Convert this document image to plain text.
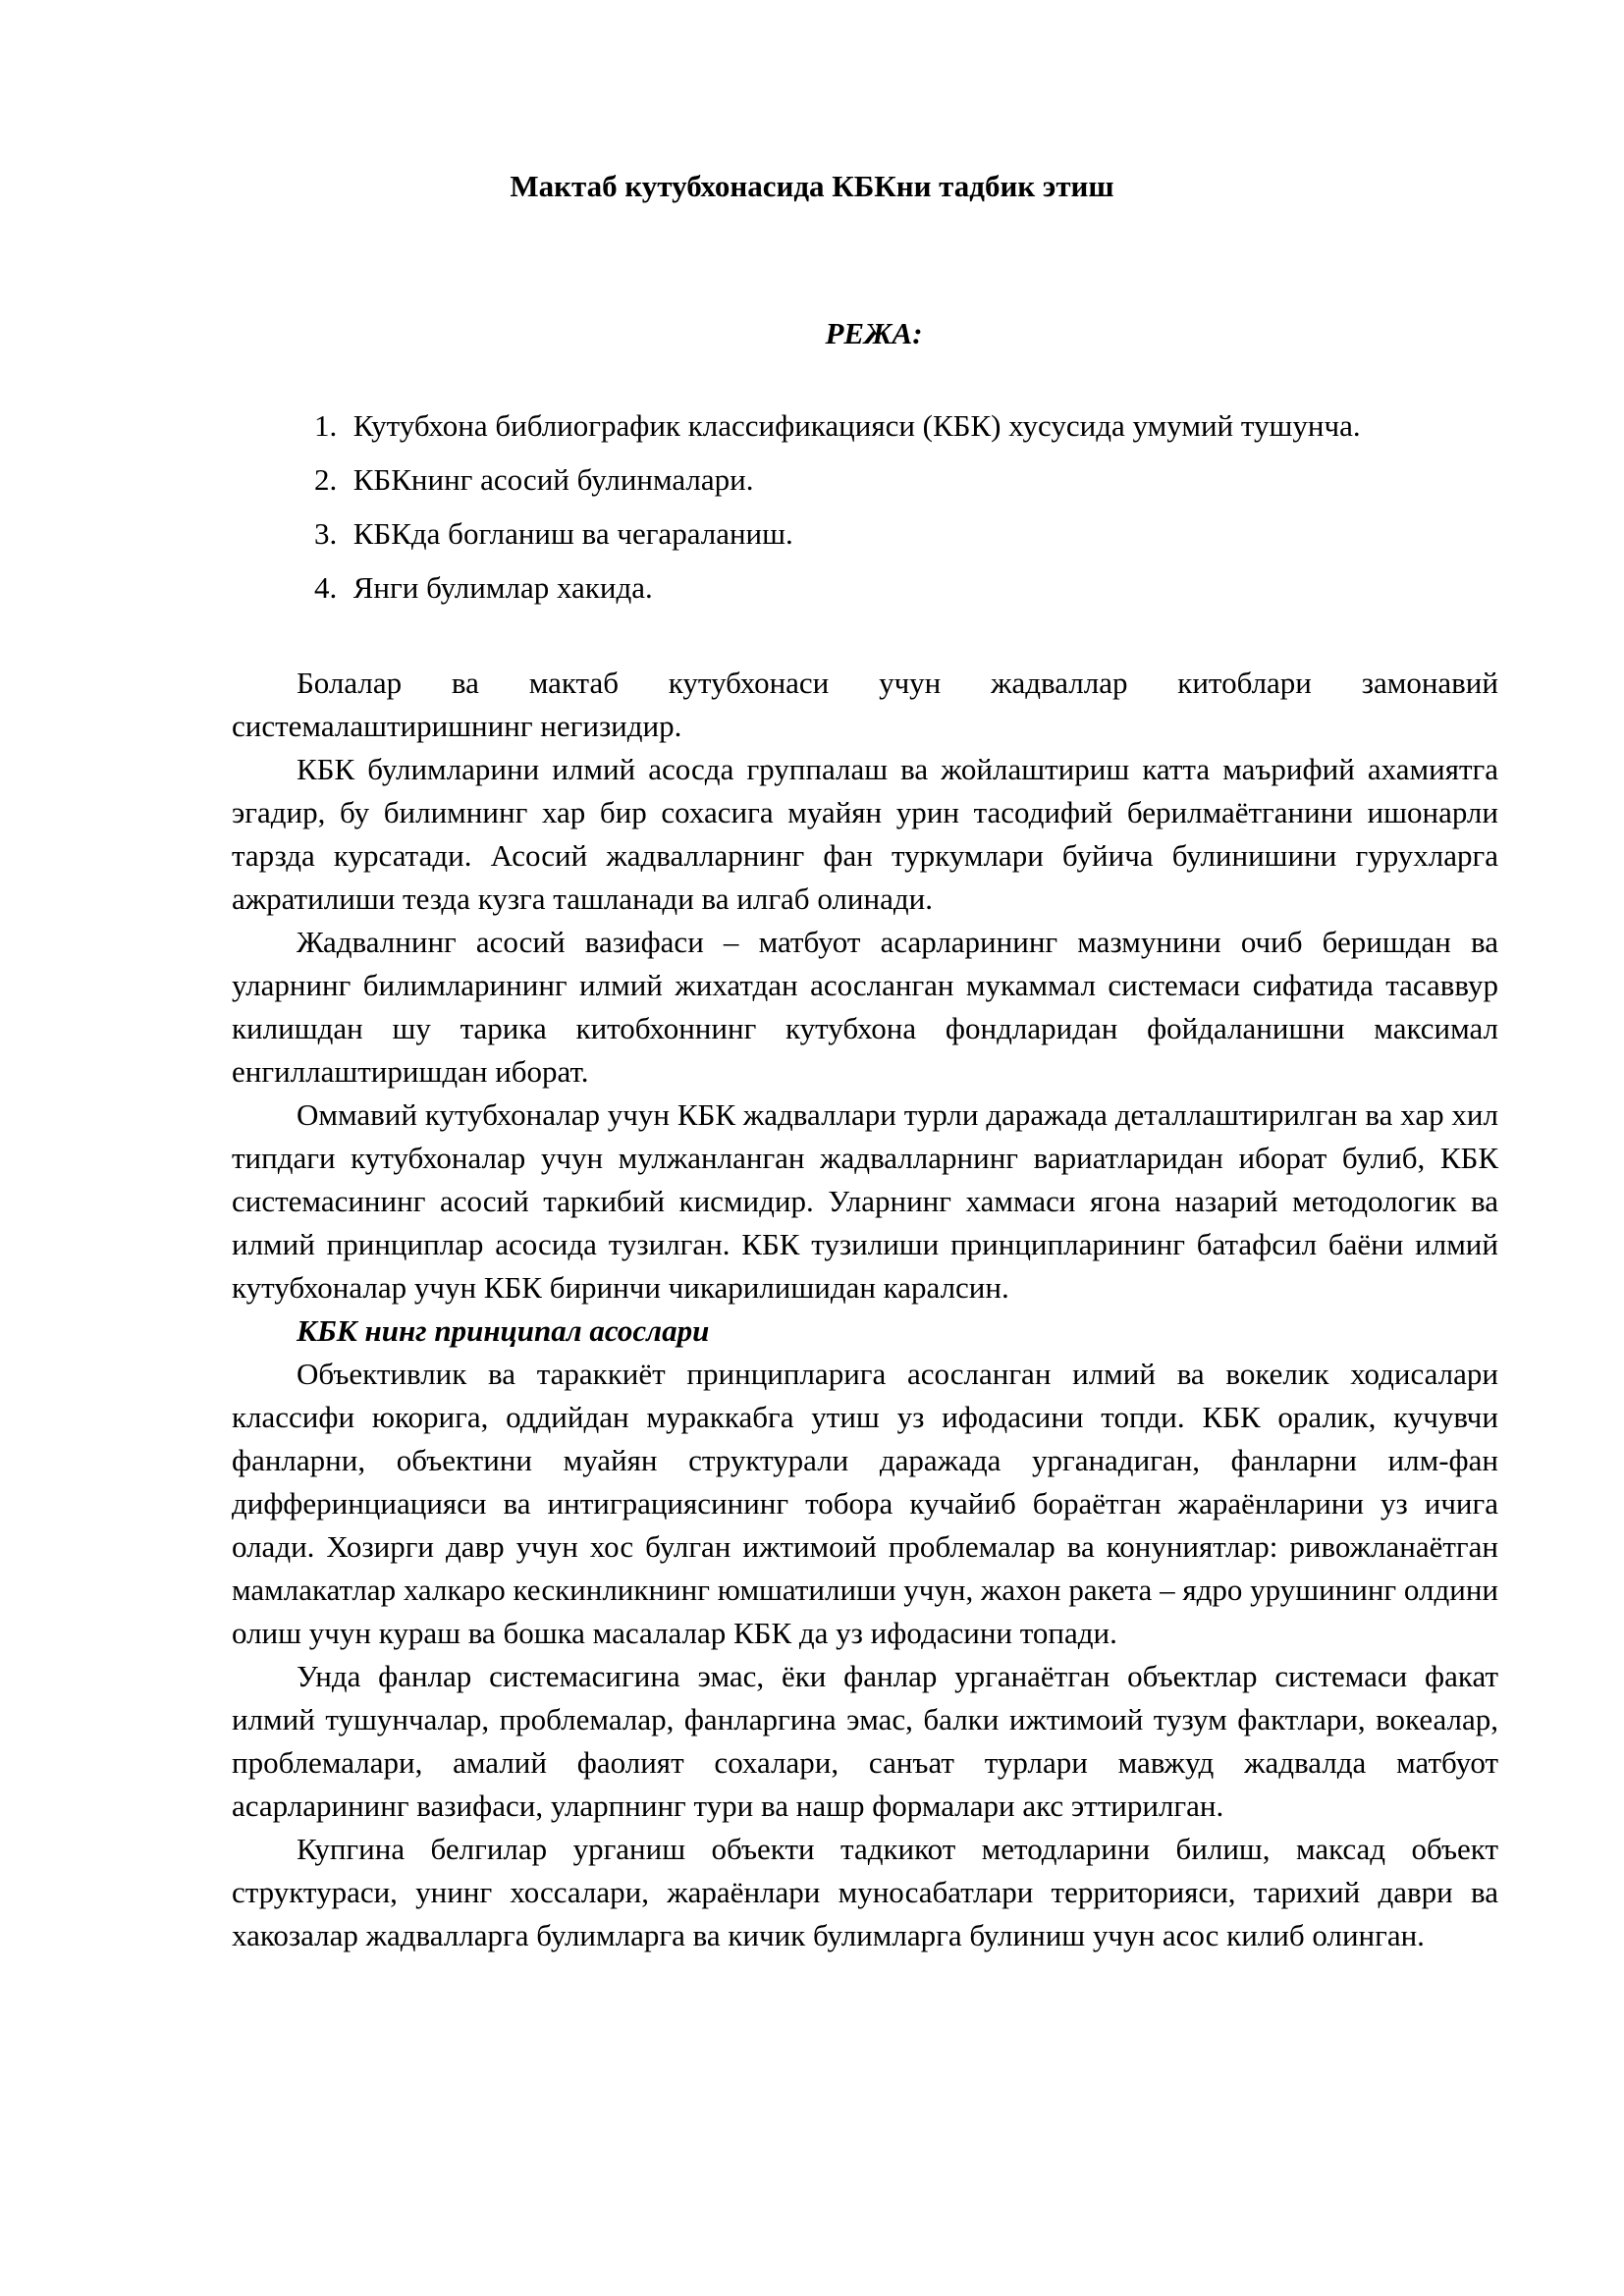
Мактаб кутубхонасида КБКни тадбик этиш
РЕЖА:
1. Кутубхона библиографик классификацияси (КБК) хусусида умумий тушунча.
2. КБКнинг асосий булинмалари.
3. КБКда богланиш ва чегараланиш.
4. Янги булимлар хакида.

Болалар ва мактаб кутубхонаси учун жадваллар китоблари замонавий системалаштиришнинг негизидир.

КБК булимларини илмий асосда группалаш ва жойлаштириш катта маърифий ахамиятга эгадир, бу билимнинг хар бир сохасига муайян урин тасодифий берилмаётганини ишонарли тарзда курсатади. Асосий жадвалларнинг фан туркумлари буйича булинишини гурухларга ажратилиши тезда кузга ташланади ва илгаб олинади.

Жадвалнинг асосий вазифаси – матбуот асарларининг мазмунини очиб беришдан ва уларнинг билимларининг илмий жихатдан асосланган мукаммал системаси сифатида тасаввур килишдан шу тарика китобхоннинг кутубхона фондларидан фойдаланишни максимал енгиллаштиришдан иборат.

Оммавий кутубхоналар учун КБК жадваллари турли даражада деталлаштирилган ва хар хил типдаги кутубхоналар учун мулжанланган жадвалларнинг вариатларидан иборат булиб, КБК системасининг асосий таркибий кисмидир. Уларнинг хаммаси ягона назарий методологик ва илмий принциплар асосида тузилган. КБК тузилиши принципларининг батафсил баёни илмий кутубхоналар учун КБК биринчи чикарилишидан каралсин.

КБК нинг принципал асослари

Объективлик ва тараккиёт принципларига асосланган илмий ва вокелик ходисалари классифи юкорига, оддийдан мураккабга утиш уз ифодасини топди. КБК оралик, кучувчи фанларни, объектини муайян структурали даражада урганадиган, фанларни илм-фан дифферинциацияси ва интиграциясининг тобора кучайиб бораётган жараёнларини уз ичига олади. Хозирги давр учун хос булган ижтимоий проблемалар ва конуниятлар: ривожланаётган мамлакатлар халкаро кескинликнинг юмшатилиши учун, жахон ракета – ядро урушининг олдини олиш учун кураш ва бошка масалалар КБК да уз ифодасини топади.

Унда фанлар системасигина эмас, ёки фанлар урганаётган объектлар системаси факат илмий тушунчалар, проблемалар, фанларгина эмас, балки ижтимоий тузум фактлари, вокеалар, проблемалари, амалий фаолият сохалари, санъат турлари мавжуд жадвалда матбуот асарларининг вазифаси, уларпнинг тури ва нашр формалари акс эттирилган.

Купгина белгилар урганиш объекти тадкикот методларини билиш, максад объект структураси, унинг хоссалари, жараёнлари муносабатлари территорияси, тарихий даври ва хакозалар жадвалларга булимларга ва кичик булимларга булиниш учун асос килиб олинган.
